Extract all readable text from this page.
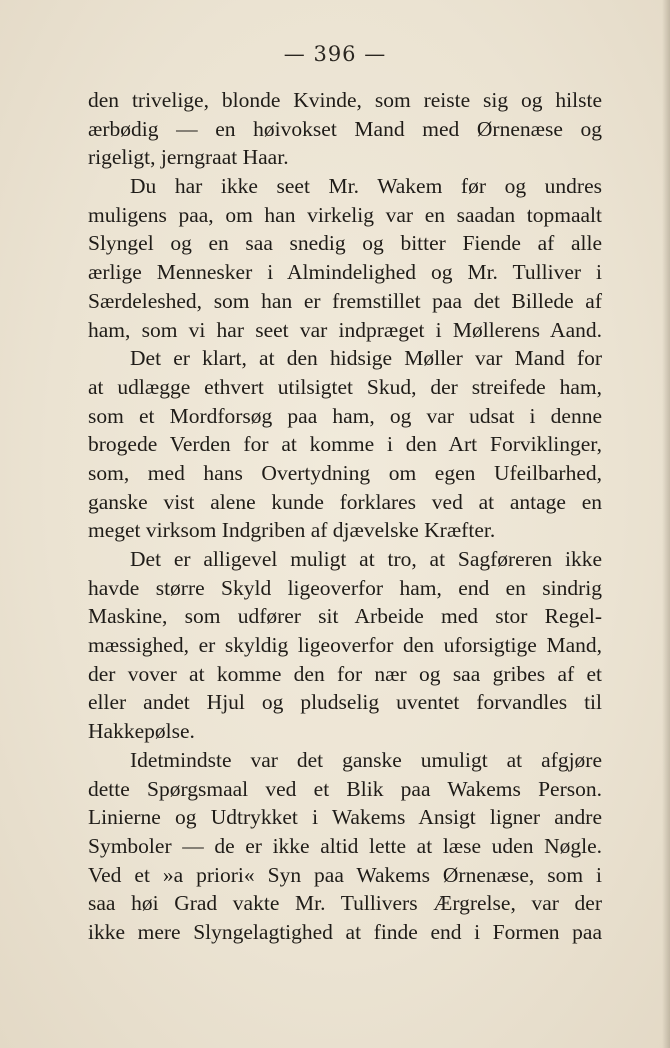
— 396 —
den trivelige, blonde Kvinde, som reiste sig og hilste
ærbødig — en høivokset Mand med Ørnenæse og
rigeligt, jerngraat Haar.
Du har ikke seet Mr. Wakem før og undres
muligens paa, om han virkelig var en saadan topmaalt
Slyngel og en saa snedig og bitter Fiende af alle
ærlige Mennesker i Almindelighed og Mr. Tulliver i
Særdeleshed, som han er fremstillet paa det Billede af
ham, som vi har seet var indpræget i Møllerens Aand.
Det er klart, at den hidsige Møller var Mand for
at udlægge ethvert utilsigtet Skud, der streifede ham,
som et Mordforsøg paa ham, og var udsat i denne
brogede Verden for at komme i den Art Forviklinger,
som, med hans Overtydning om egen Ufeilbarhed,
ganske vist alene kunde forklares ved at antage en
meget virksom Indgriben af djævelske Kræfter.
Det er alligevel muligt at tro, at Sagføreren ikke
havde større Skyld ligeoverfor ham, end en sindrig
Maskine, som udfører sit Arbeide med stor Regel-
mæssighed, er skyldig ligeoverfor den uforsigtige Mand,
der vover at komme den for nær og saa gribes af et
eller andet Hjul og pludselig uventet forvandles til
Hakkepølse.
Idetmindste var det ganske umuligt at afgjøre
dette Spørgsmaal ved et Blik paa Wakems Person.
Linierne og Udtrykket i Wakems Ansigt ligner andre
Symboler — de er ikke altid lette at læse uden Nøgle.
Ved et »a priori« Syn paa Wakems Ørnenæse, som i
saa høi Grad vakte Mr. Tullivers Ærgrelse, var der
ikke mere Slyngelagtighed at finde end i Formen paa
